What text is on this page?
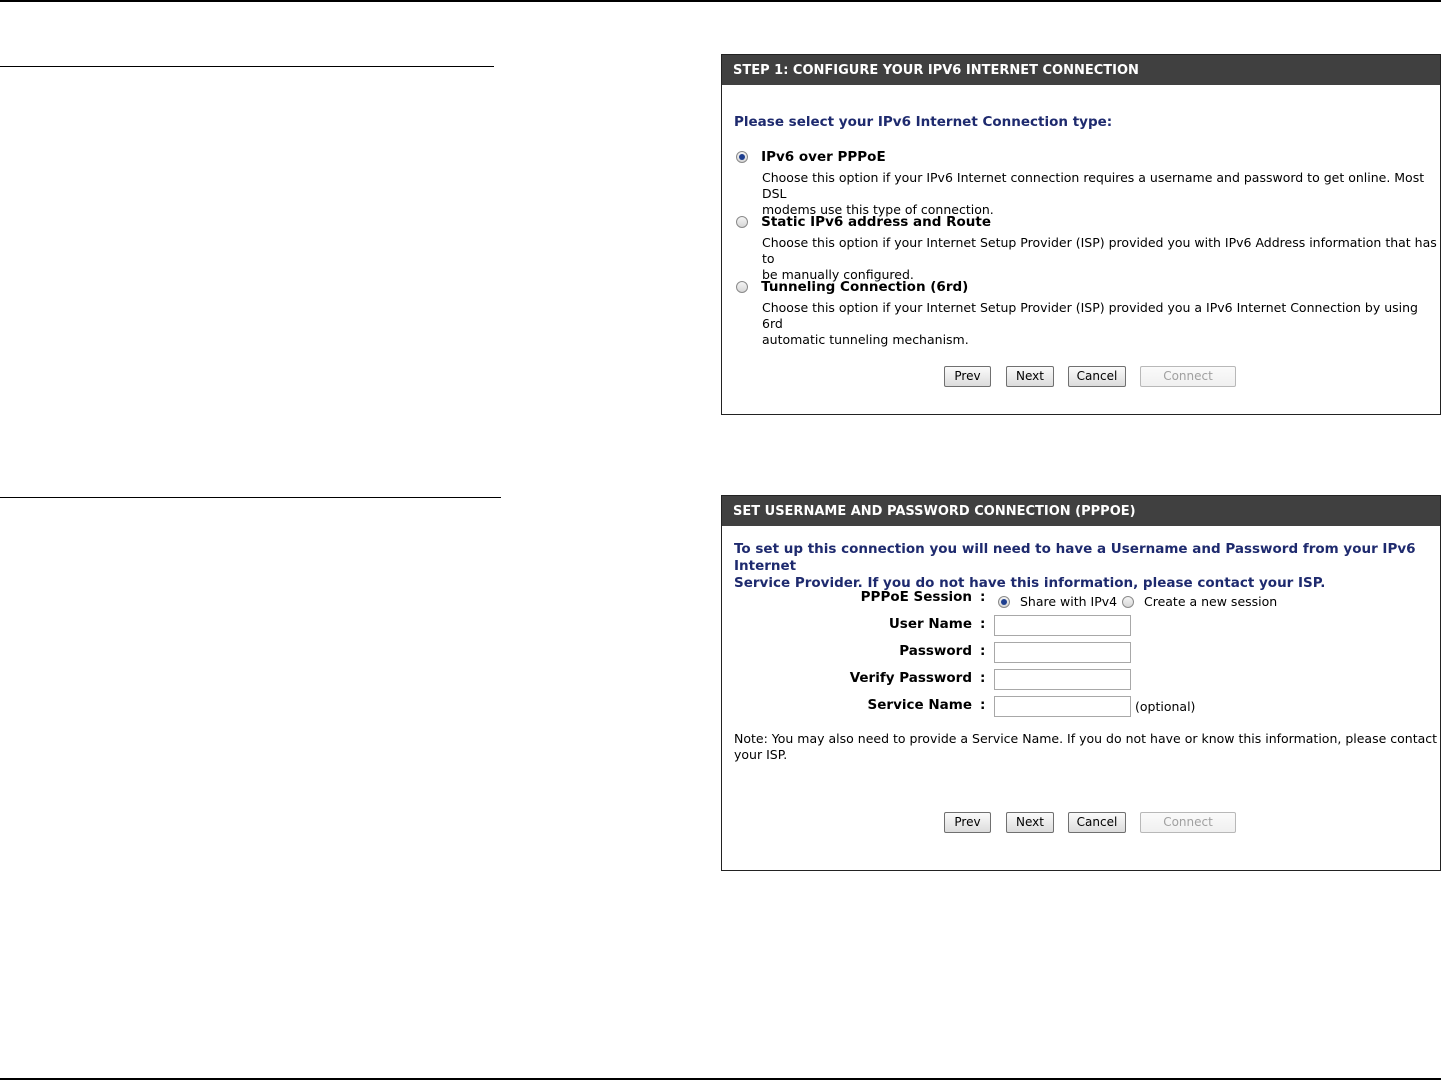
STEP 1: CONFIGURE YOUR IPV6 INTERNET CONNECTION
Please select your IPv6 Internet Connection type:
IPv6 over PPPoE
Choose this option if your IPv6 Internet connection requires a username and password to get online. Most DSL
modems use this type of connection.
Static IPv6 address and Route
Choose this option if your Internet Setup Provider (ISP) provided you with IPv6 Address information that has to
be manually configured.
Tunneling Connection (6rd)
Choose this option if your Internet Setup Provider (ISP) provided you a IPv6 Internet Connection by using 6rd
automatic tunneling mechanism.
Prev	Next	Cancel	Connect
SET USERNAME AND PASSWORD CONNECTION (PPPOE)
To set up this connection you will need to have a Username and Password from your IPv6 Internet
Service Provider. If you do not have this information, please contact your ISP.
PPPoE Session :	Share with IPv4	Create a new session
User Name :
Password :
Verify Password :
Service Name :	(optional)
Note: You may also need to provide a Service Name. If you do not have or know this information, please contact
your ISP.
Prev	Next	Cancel	Connect
